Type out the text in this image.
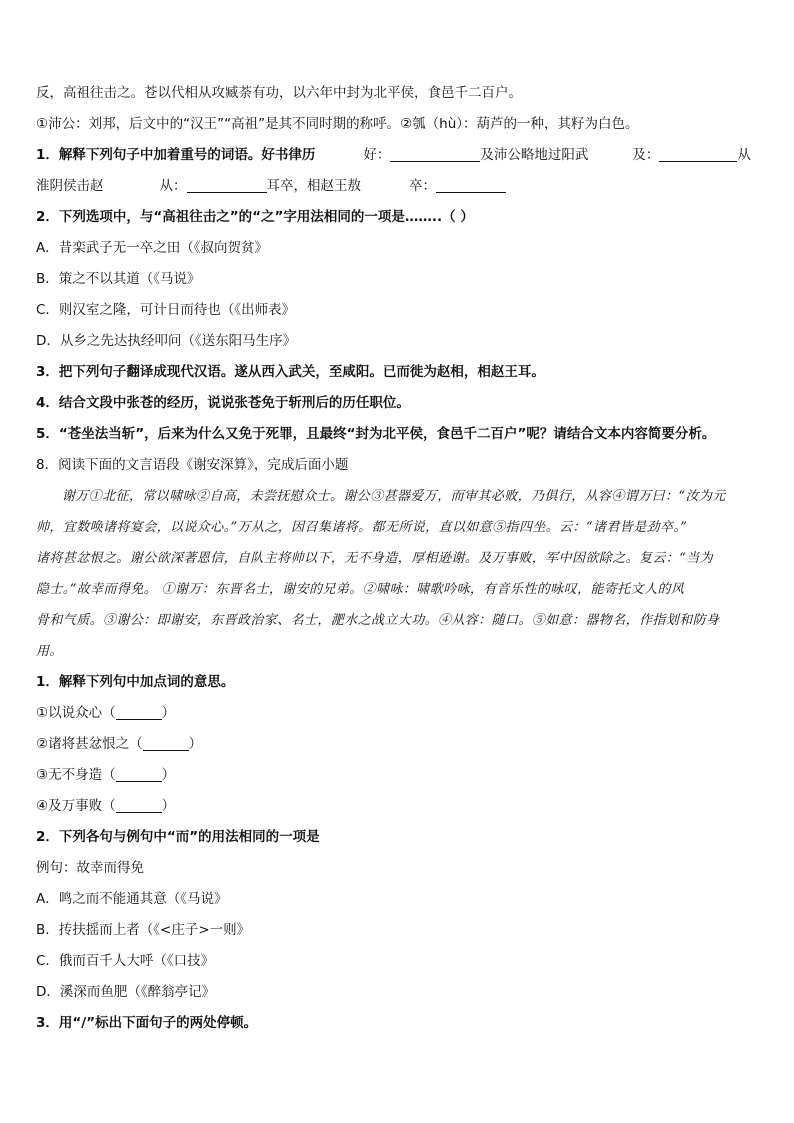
反，高祖往击之。苍以代相从攻臧荼有功，以六年中封为北平侯，食邑千二百户。
①沛公：刘邦，后文中的“汉王”“高祖”是其不同时期的称呼。②瓠（hù）：葫芦的一种，其籽为白色。
1．解释下列句子中加着重号的词语。好书律历	好：	及沛公略地过阳武	及：	从
淮阴侯击赵	从：	耳卒，相赵王敖	卒：
2．下列选项中，与“高祖往击之”的“之”字用法相同的一项是……..（ ）
A．昔栾武子无一卒之田（《叔向贺贫》
B．策之不以其道（《马说》
C．则汉室之隆，可计日而待也（《出师表》
D．从乡之先达执经叩问（《送东阳马生序》
3．把下列句子翻译成现代汉语。遂从西入武关，至咸阳。已而徙为赵相，相赵王耳。
4．结合文段中张苍的经历，说说张苍免于斩刑后的历任职位。
5．“苍坐法当斩”，后来为什么又免于死罪，且最终“封为北平侯，食邑千二百户”呢？请结合文本内容简要分析。
8．阅读下面的文言语段《谢安深算》，完成后面小题
谢万①北征，常以啸咏②自高，未尝抚慰众士。谢公③甚器爱万，而审其必败，乃俱行，从容④谓万曰：“汝为元
帅，宜数唤诸将宴会，以说众心。”万从之，因召集诸将。都无所说，直以如意⑤指四坐。云：“诸君皆是劲卒。”
诸将甚忿恨之。谢公欲深著恩信，自队主将帅以下，无不身造，厚相逊谢。及万事败，军中因欲除之。复云：“当为
隐士。”故幸而得免。 ①谢万：东晋名士，谢安的兄弟。②啸咏：啸歌吟咏，有音乐性的咏叹，能寄托文人的风
骨和气质。③谢公：即谢安，东晋政治家、名士，淝水之战立大功。④从容：随口。⑤如意：器物名，作指划和防身
用。
1．解释下列句中加点词的意思。
①以说众心（	）
②诸将甚忿恨之（	）
③无不身造（	）
④及万事败（	）
2．下列各句与例句中“而”的用法相同的一项是
例句：故幸而得免
A．鸣之而不能通其意（《马说》
B．抟扶摇而上者（《<庄子>一则》
C．俄而百千人大呼（《口技》
D．溪深而鱼肥（《醉翁亭记》
3．用“/”标出下面句子的两处停顿。
